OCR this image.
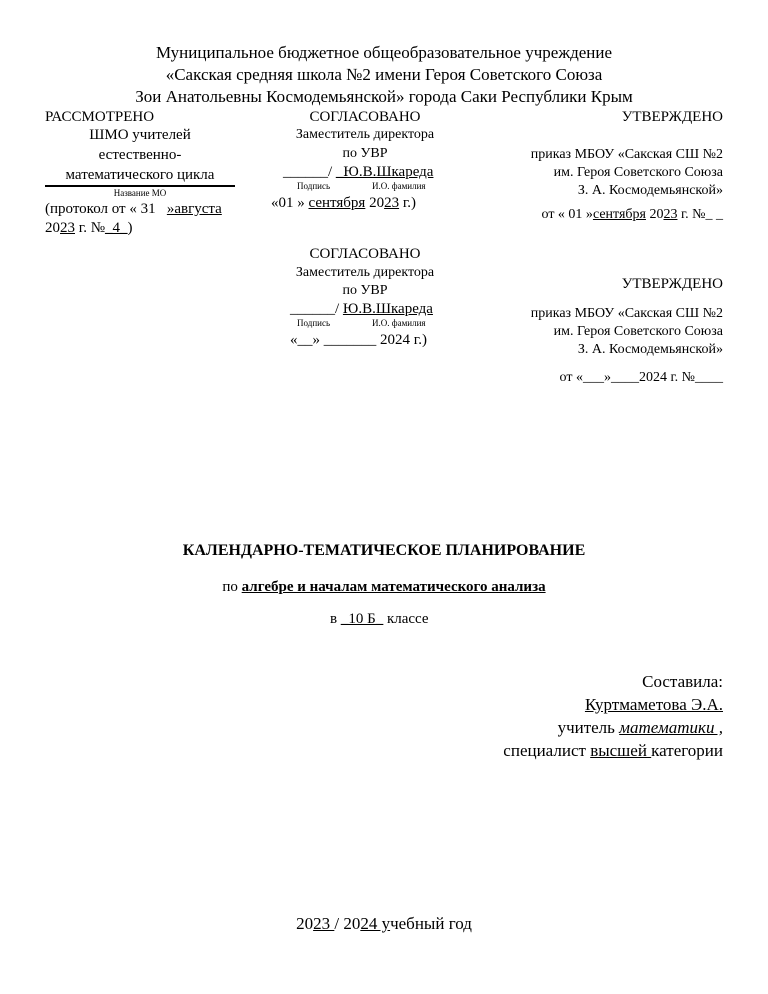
Муниципальное бюджетное общеобразовательное учреждение
«Сакская средняя школа №2 имени Героя Советского Союза
Зои Анатольевны Космодемьянской» города Саки Республики Крым
РАССМОТРЕНО
ШМО учителей
естественно-
математического цикла
Название МО
(протокол от « 31 »августа
2023 г. №_4_)
СОГЛАСОВАНО
Заместитель директора
по УВР
______/ _Ю.В.Шкареда
Подпись	И.О. фамилия
«01 » сентября 2023 г.)
УТВЕРЖДЕНО
приказ МБОУ «Сакская СШ №2
им. Героя Советского Союза
З. А. Космодемьянской»
от « 01 »сентября 2023 г. №_ _
СОГЛАСОВАНО
Заместитель директора
по УВР
______/ Ю.В.Шкареда
Подпись	И.О. фамилия
«__» _______ 2024 г.)
УТВЕРЖДЕНО
приказ МБОУ «Сакская СШ №2
им. Героя Советского Союза
З. А. Космодемьянской»
от «___»____2024 г. №____
КАЛЕНДАРНО-ТЕМАТИЧЕСКОЕ ПЛАНИРОВАНИЕ
по алгебре и началам математического анализа
в _10 Б_ классе
Составила:
Куртмаметова Э.А.
учитель математики ,
специалист высшей категории
2023 / 2024 учебный год
